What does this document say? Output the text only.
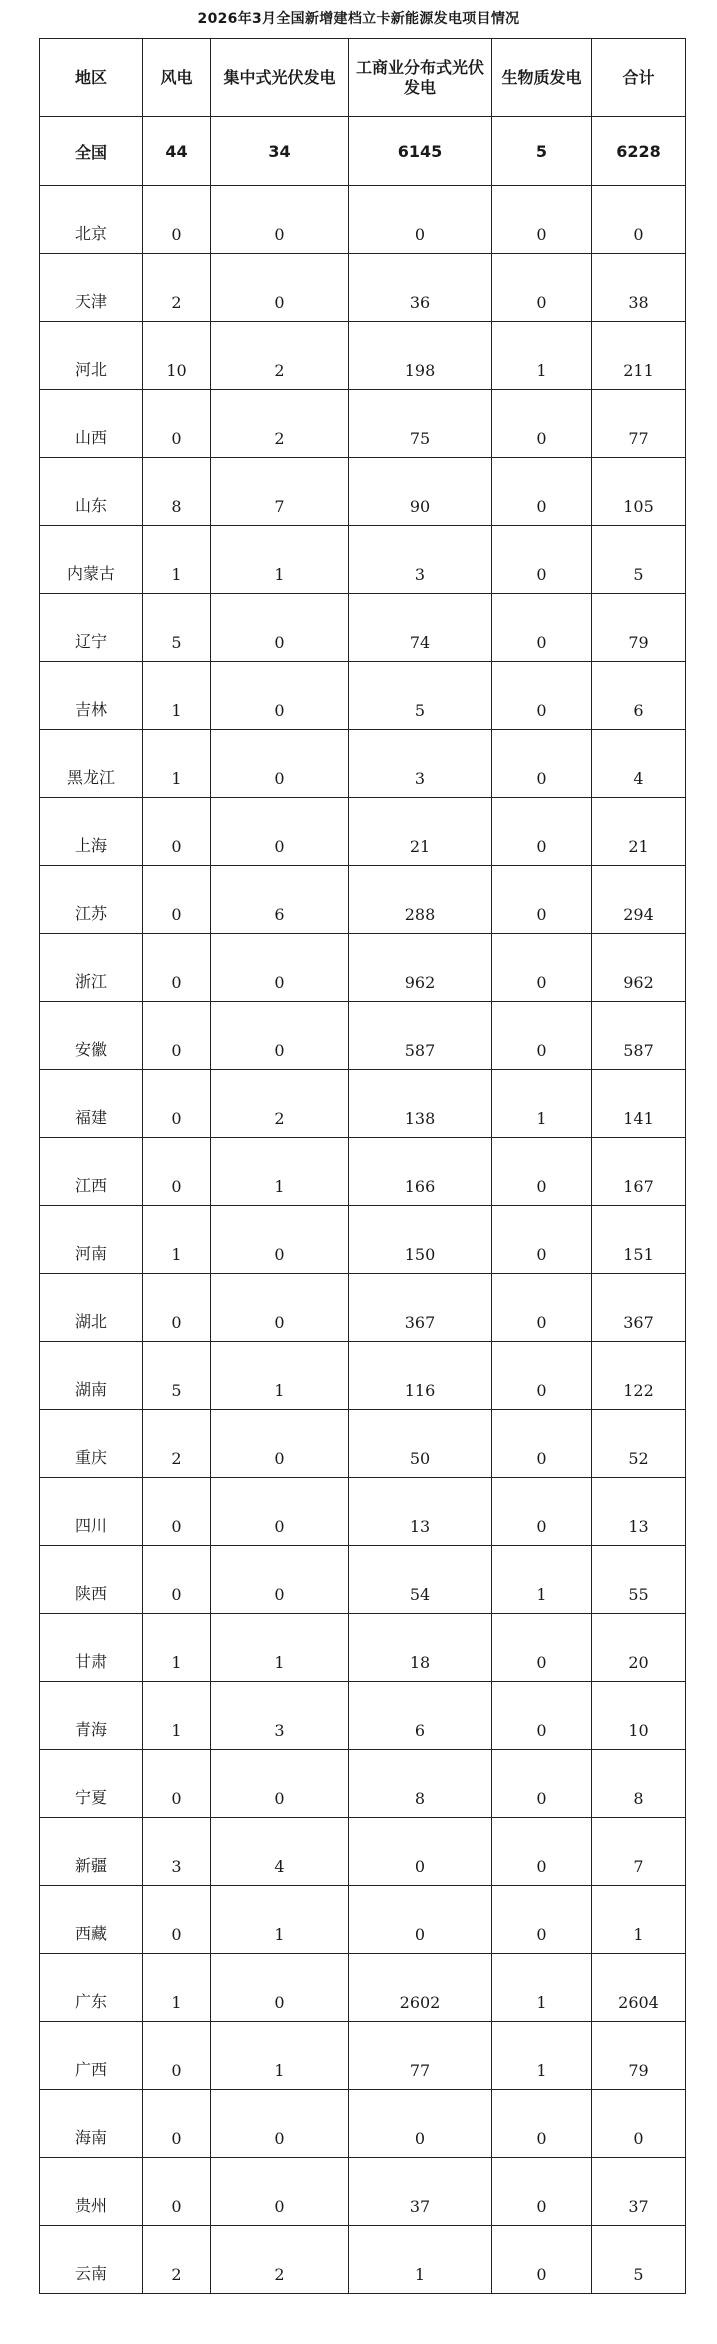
2026年3月全国新增建档立卡新能源发电项目情况
地区	风电	集中式光伏发电	工商业分布式光伏发电	生物质发电	合计
全国	44	34	6145	5	6228
北京	0	0	0	0	0
天津	2	0	36	0	38
河北	10	2	198	1	211
山西	0	2	75	0	77
山东	8	7	90	0	105
内蒙古	1	1	3	0	5
辽宁	5	0	74	0	79
吉林	1	0	5	0	6
黑龙江	1	0	3	0	4
上海	0	0	21	0	21
江苏	0	6	288	0	294
浙江	0	0	962	0	962
安徽	0	0	587	0	587
福建	0	2	138	1	141
江西	0	1	166	0	167
河南	1	0	150	0	151
湖北	0	0	367	0	367
湖南	5	1	116	0	122
重庆	2	0	50	0	52
四川	0	0	13	0	13
陕西	0	0	54	1	55
甘肃	1	1	18	0	20
青海	1	3	6	0	10
宁夏	0	0	8	0	8
新疆	3	4	0	0	7
西藏	0	1	0	0	1
广东	1	0	2602	1	2604
广西	0	1	77	1	79
海南	0	0	0	0	0
贵州	0	0	37	0	37
云南	2	2	1	0	5
